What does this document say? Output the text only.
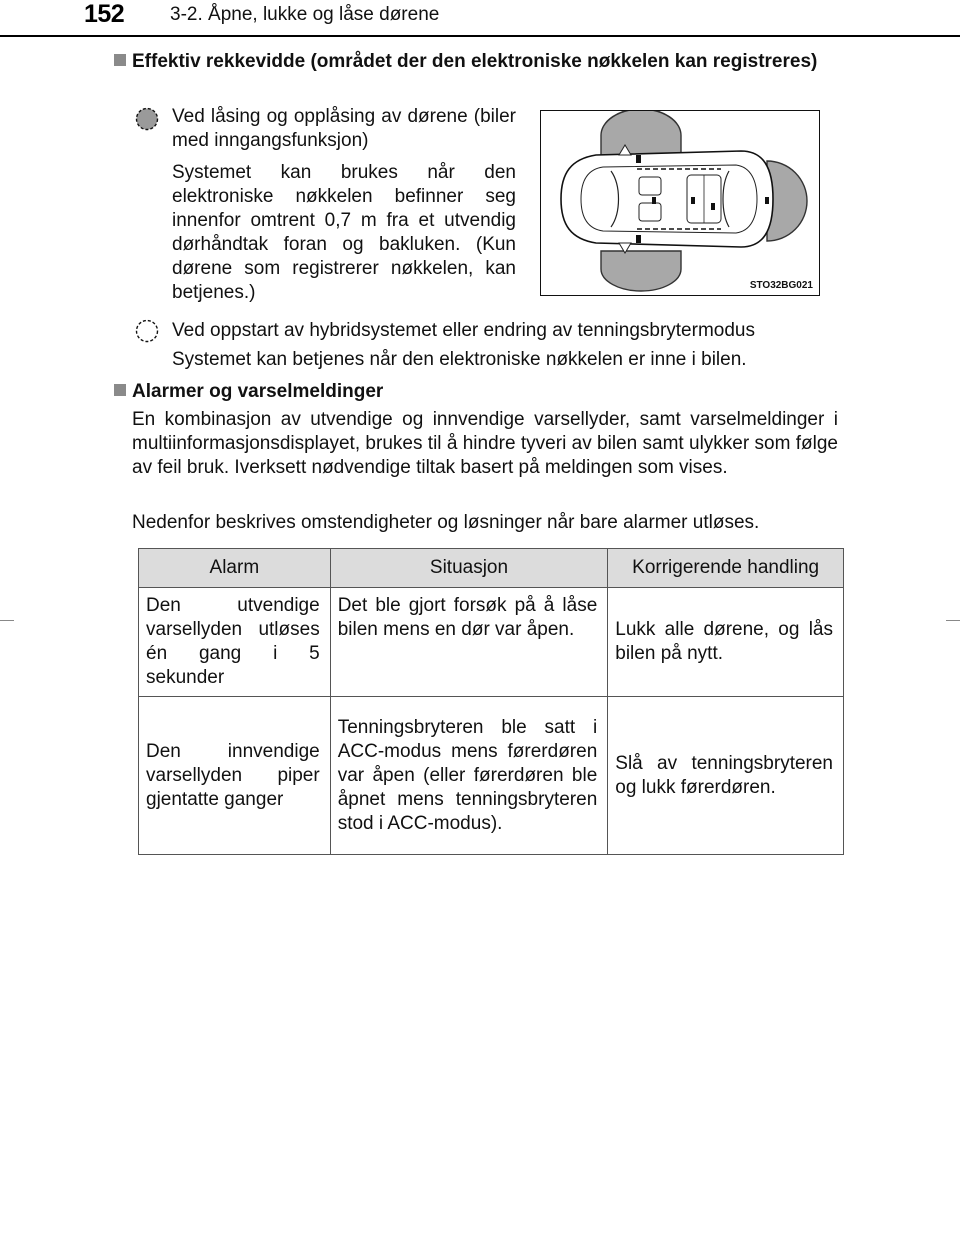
152 3-2. Åpne, lukke og låse dørene
Effektiv rekkevidde (området der den elektroniske nøkkelen kan registreres)
Ved låsing og opplåsing av dørene (biler med inngangsfunksjon)
Systemet kan brukes når den elektroniske nøkkelen befinner seg innenfor omtrent 0,7 m fra et utvendig dørhåndtak foran og bakluken. (Kun dørene som registrerer nøkkelen, kan betjenes.)	STO32BG021
Ved oppstart av hybridsystemet eller endring av tenningsbrytermodus
Systemet kan betjenes når den elektroniske nøkkelen er inne i bilen.
Alarmer og varselmeldinger
En kombinasjon av utvendige og innvendige varsellyder, samt varselmeldinger i multiinformasjonsdisplayet, brukes til å hindre tyveri av bilen samt ulykker som følge av feil bruk. Iverksett nødvendige tiltak basert på meldingen som vises.
Nedenfor beskrives omstendigheter og løsninger når bare alarmer utløses.
Alarm	Situasjon	Korrigerende handling
Den utvendige varsellyden utløses én gang i 5 sekunder	Det ble gjort forsøk på å låse bilen mens en dør var åpen.	Lukk alle dørene, og lås bilen på nytt.
Den innvendige varsellyden piper gjentatte ganger	Tenningsbryteren ble satt i ACC-modus mens førerdøren var åpen (eller førerdøren ble åpnet mens tenningsbryteren stod i ACC-modus).	Slå av tenningsbryteren og lukk førerdøren.
